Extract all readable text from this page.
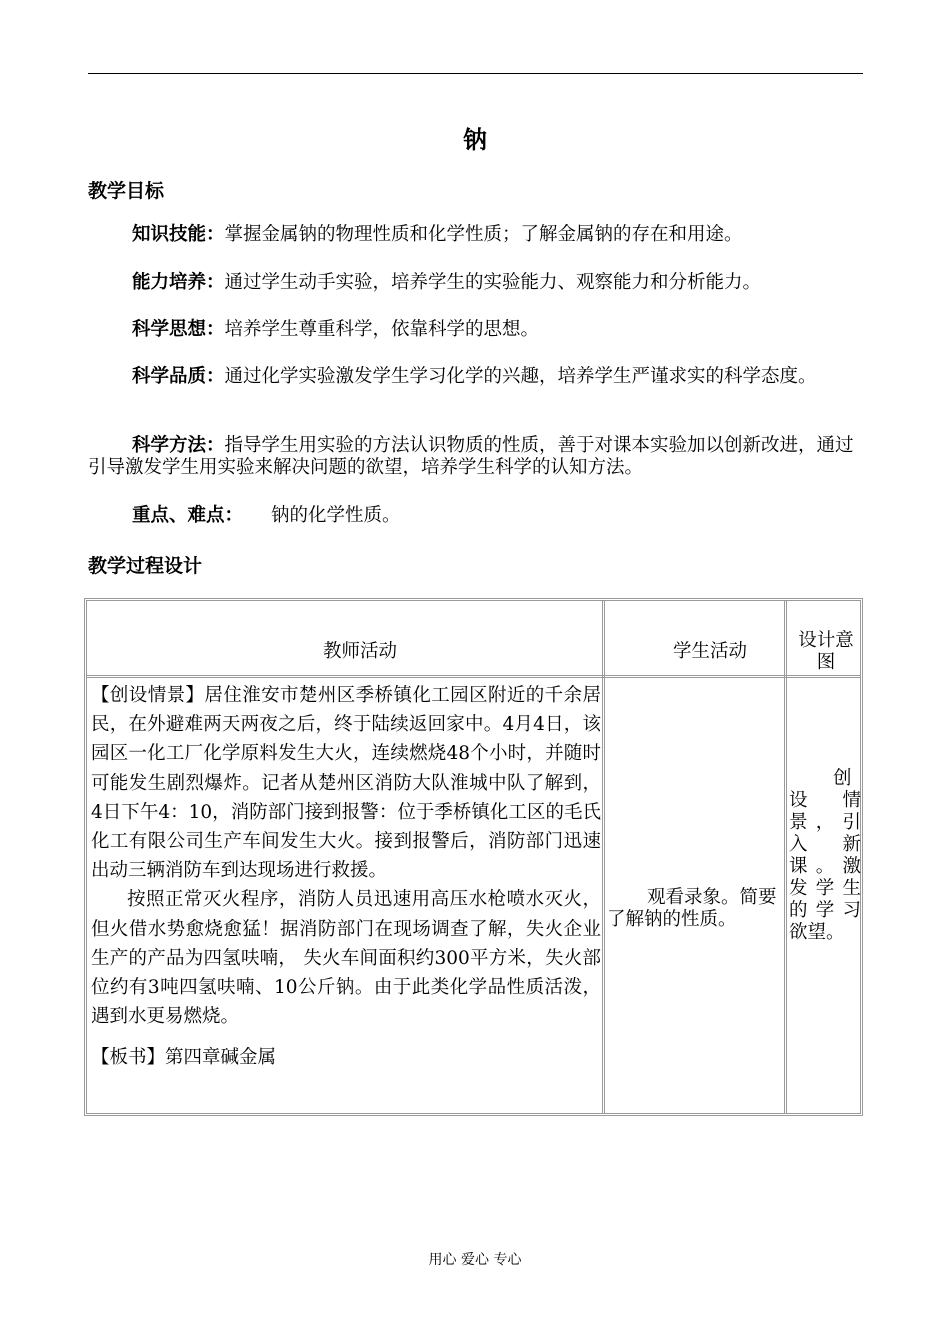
钠
教学目标
知识技能：掌握金属钠的物理性质和化学性质；了解金属钠的存在和用途。
能力培养：通过学生动手实验，培养学生的实验能力、观察能力和分析能力。
科学思想：培养学生尊重科学，依靠科学的思想。
科学品质：通过化学实验激发学生学习化学的兴趣，培养学生严谨求实的科学态度。
科学方法：指导学生用实验的方法认识物质的性质，善于对课本实验加以创新改进，通过引导激发学生用实验来解决问题的欲望，培养学生科学的认知方法。
重点、难点： 钠的化学性质。
教学过程设计
教师活动	学生活动
设计意图

【创设情景】居住淮安市楚州区季桥镇化工园区附近的千余居民，在外避难两天两夜之后，终于陆续返回家中。4月4日，该园区一化工厂化学原料发生大火，连续燃烧48个小时，并随时可能发生剧烈爆炸。记者从楚州区消防大队淮城中队了解到，4日下午4：10，消防部门接到报警：位于季桥镇化工区的毛氏化工有限公司生产车间发生大火。接到报警后，消防部门迅速出动三辆消防车到达现场进行救援。

按照正常灭火程序，消防人员迅速用高压水枪喷水灭火，但火借水势愈烧愈猛！据消防部门在现场调查了解，失火企业生产的产品为四氢呋喃， 失火车间面积约300平方米，失火部位约有3吨四氢呋喃、10公斤钠。由于此类化学品性质活泼，遇到水更易燃烧。

【板书】第四章碱金属

观看录象。简要了解钠的性质。
创设情景，引入新课。激发学生的学习欲望。
用心 爱心 专心
